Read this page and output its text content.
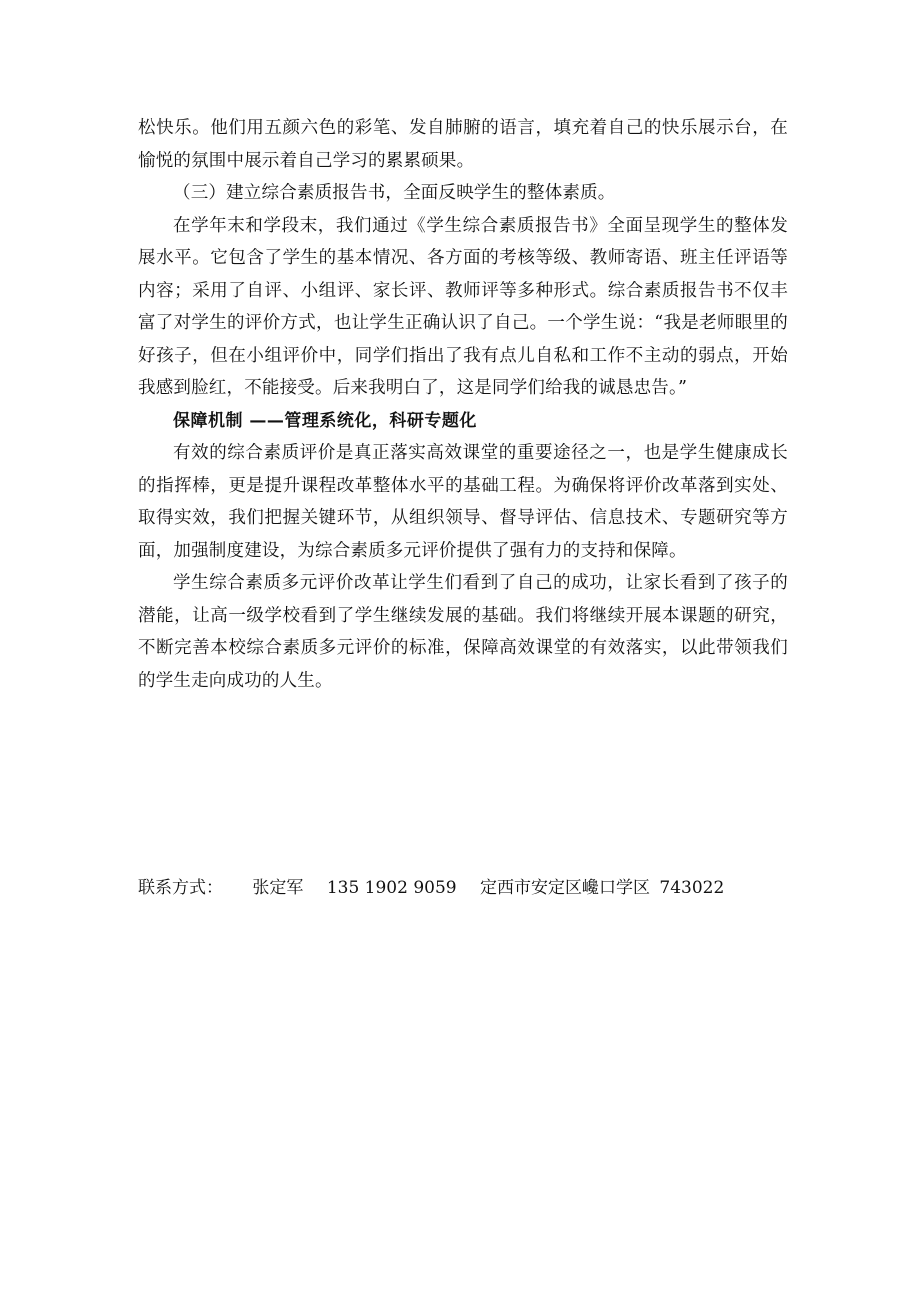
松快乐。他们用五颜六色的彩笔、发自肺腑的语言，填充着自己的快乐展示台，在愉悦的氛围中展示着自己学习的累累硕果。

（三）建立综合素质报告书，全面反映学生的整体素质。

在学年末和学段末，我们通过《学生综合素质报告书》全面呈现学生的整体发展水平。它包含了学生的基本情况、各方面的考核等级、教师寄语、班主任评语等内容；采用了自评、小组评、家长评、教师评等多种形式。综合素质报告书不仅丰富了对学生的评价方式，也让学生正确认识了自己。一个学生说：“我是老师眼里的好孩子，但在小组评价中，同学们指出了我有点儿自私和工作不主动的弱点，开始我感到脸红，不能接受。后来我明白了，这是同学们给我的诚恳忠告。”

保障机制 ——管理系统化，科研专题化

有效的综合素质评价是真正落实高效课堂的重要途径之一，也是学生健康成长的指挥棒，更是提升课程改革整体水平的基础工程。为确保将评价改革落到实处、取得实效，我们把握关键环节，从组织领导、督导评估、信息技术、专题研究等方面，加强制度建设，为综合素质多元评价提供了强有力的支持和保障。

学生综合素质多元评价改革让学生们看到了自己的成功，让家长看到了孩子的潜能，让高一级学校看到了学生继续发展的基础。我们将继续开展本课题的研究，不断完善本校综合素质多元评价的标准，保障高效课堂的有效落实，以此带领我们的学生走向成功的人生。

联系方式： 张定军 135 1902 9059 定西市安定区巉口学区 743022
